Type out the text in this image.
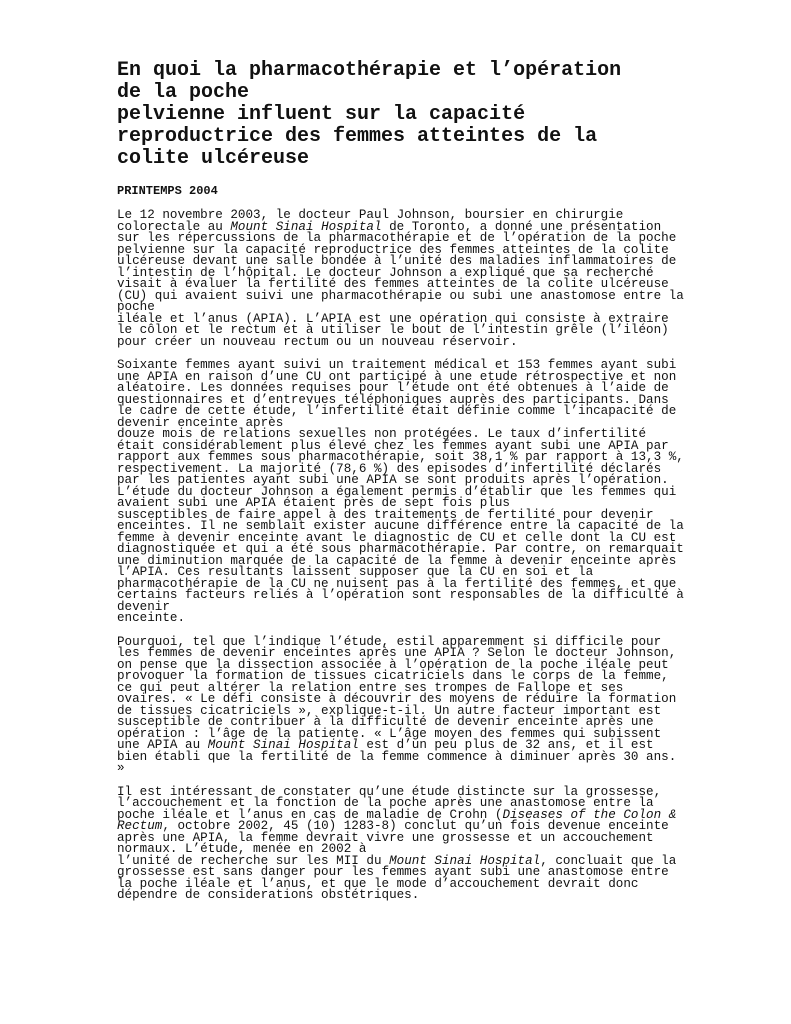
En quoi la pharmacothérapie et l’opération
de la poche
pelvienne influent sur la capacité
reproductrice des femmes atteintes de la
colite ulcéreuse
PRINTEMPS 2004
Le 12 novembre 2003, le docteur Paul Johnson, boursier en chirurgie
colorectale au Mount Sinai Hospital de Toronto, a donné une présentation
sur les répercussions de la pharmacothérapie et de l’opération de la poche
pelvienne sur la capacité reproductrice des femmes atteintes de la colite
ulcéreuse devant une salle bondée à l’unité des maladies inflammatoires de
l’intestin de l’hôpital. Le docteur Johnson a expliqué que sa recherché
visait à évaluer la fertilité des femmes atteintes de la colite ulcéreuse
(CU) qui avaient suivi une pharmacothérapie ou subi une anastomose entre la
poche
iléale et l’anus (APIA). L’APIA est une opération qui consiste à extraire
le côlon et le rectum et à utiliser le bout de l’intestin grêle (l’iléon)
pour créer un nouveau rectum ou un nouveau réservoir.
Soixante femmes ayant suivi un traitement médical et 153 femmes ayant subi
une APIA en raison d’une CU ont participé à une etude rétrospective et non
aléatoire. Les données requises pour l’étude ont été obtenues à l’aide de
questionnaires et d’entrevues téléphoniques auprès des participants. Dans
le cadre de cette étude, l’infertilité était définie comme l’incapacité de
devenir enceinte après
douze mois de relations sexuelles non protégées. Le taux d’infertilité
était considérablement plus élevé chez les femmes ayant subi une APIA par
rapport aux femmes sous pharmacothérapie, soit 38,1 % par rapport à 13,3 %,
respectivement. La majorité (78,6 %) des episodes d’infertilité déclarés
par les patientes ayant subi une APIA se sont produits après l’opération.
L’étude du docteur Johnson a également permis d’établir que les femmes qui
avaient subi une APIA étaient près de sept fois plus
susceptibles de faire appel à des traitements de fertilité pour devenir
enceintes. Il ne semblait exister aucune différence entre la capacité de la
femme à devenir enceinte avant le diagnostic de CU et celle dont la CU est
diagnostiquée et qui a été sous pharmacothérapie. Par contre, on remarquait
une diminution marquée de la capacité de la femme à devenir enceinte après
l’APIA. Ces resultants laissent supposer que la CU en soi et la
pharmacothérapie de la CU ne nuisent pas à la fertilité des femmes, et que
certains facteurs reliés à l’opération sont responsables de la difficulté à
devenir
enceinte.
Pourquoi, tel que l’indique l’étude, estil apparemment si difficile pour
les femmes de devenir enceintes après une APIA ? Selon le docteur Johnson,
on pense que la dissection associée à l’opération de la poche iléale peut
provoquer la formation de tissues cicatriciels dans le corps de la femme,
ce qui peut altérer la relation entre ses trompes de Fallope et ses
ovaires. « Le défi consiste à découvrir des moyens de réduire la formation
de tissues cicatriciels », explique-t-il. Un autre facteur important est
susceptible de contribuer à la difficulté de devenir enceinte après une
opération : l’âge de la patiente. « L’âge moyen des femmes qui subissent
une APIA au Mount Sinai Hospital est d’un peu plus de 32 ans, et il est
bien établi que la fertilité de la femme commence à diminuer après 30 ans.
»
Il est intéressant de constater qu’une étude distincte sur la grossesse,
l’accouchement et la fonction de la poche après une anastomose entre la
poche iléale et l’anus en cas de maladie de Crohn (Diseases of the Colon &
Rectum, octobre 2002, 45 (10) 1283-8) conclut qu’un fois devenue enceinte
après une APIA, la femme devrait vivre une grossesse et un accouchement
normaux. L’étude, menée en 2002 à
l’unité de recherche sur les MII du Mount Sinai Hospital, concluait que la
grossesse est sans danger pour les femmes ayant subi une anastomose entre
la poche iléale et l’anus, et que le mode d’accouchement devrait donc
dépendre de considerations obstétriques.
